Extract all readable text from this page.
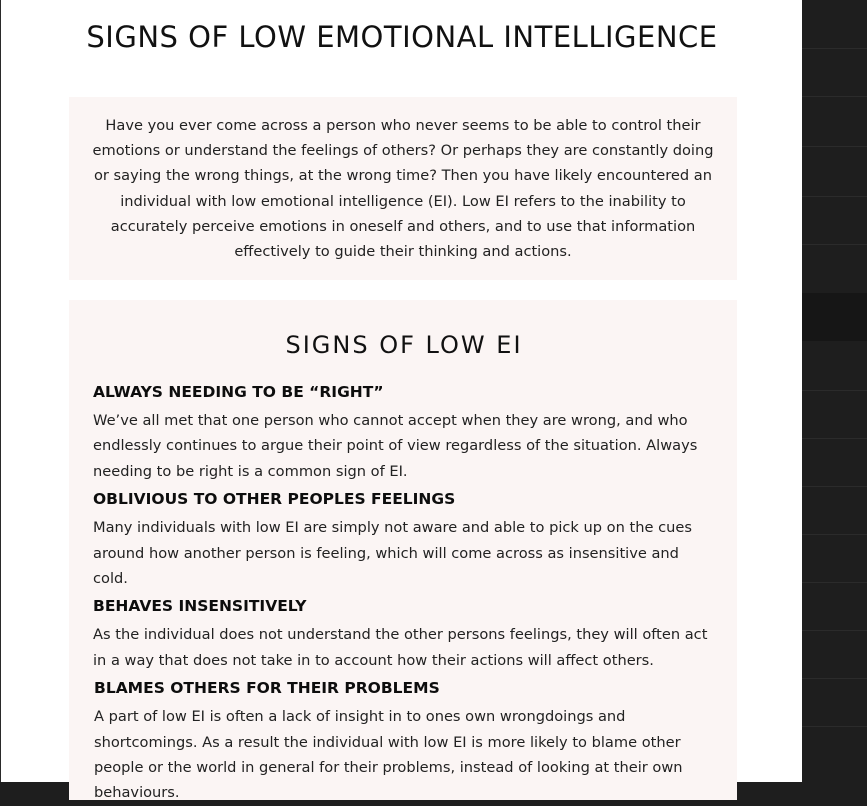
SIGNS OF LOW EMOTIONAL INTELLIGENCE

Have you ever come across a person who never seems to be able to control their emotions or understand the feelings of others? Or perhaps they are constantly doing or saying the wrong things, at the wrong time? Then you have likely encountered an individual with low emotional intelligence (EI). Low EI refers to the inability to accurately perceive emotions in oneself and others, and to use that information effectively to guide their thinking and actions.

SIGNS OF LOW EI
ALWAYS NEEDING TO BE “RIGHT”

We’ve all met that one person who cannot accept when they are wrong, and who endlessly continues to argue their point of view regardless of the situation. Always needing to be right is a common sign of EI.

OBLIVIOUS TO OTHER PEOPLES FEELINGS

Many individuals with low EI are simply not aware and able to pick up on the cues around how another person is feeling, which will come across as insensitive and cold.

BEHAVES INSENSITIVELY

As the individual does not understand the other persons feelings, they will often act in a way that does not take in to account how their actions will affect others.

BLAMES OTHERS FOR THEIR PROBLEMS

A part of low EI is often a lack of insight in to ones own wrongdoings and shortcomings. As a result the individual with low EI is more likely to blame other people or the world in general for their problems, instead of looking at their own behaviours.
